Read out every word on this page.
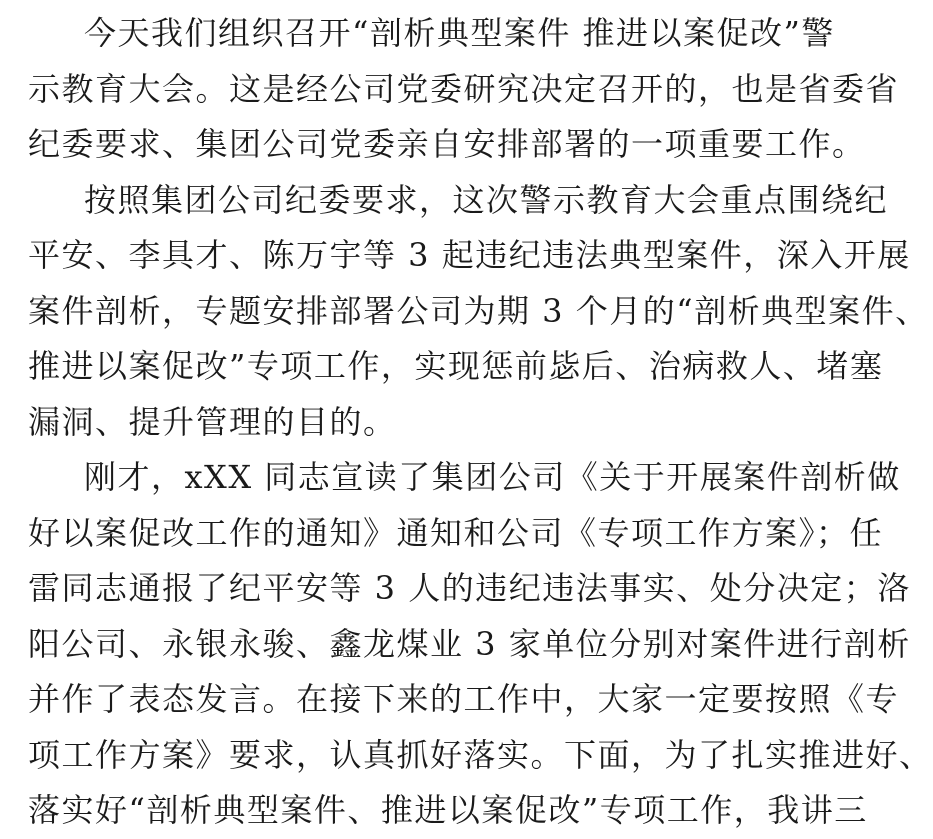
今天我们组织召开“剖析典型案件 推进以案促改”警
示教育大会。这是经公司党委研究决定召开的，也是省委省
纪委要求、集团公司党委亲自安排部署的一项重要工作。
按照集团公司纪委要求，这次警示教育大会重点围绕纪
平安、李具才、陈万宇等 3 起违纪违法典型案件，深入开展
案件剖析，专题安排部署公司为期 3 个月的“剖析典型案件、
推进以案促改”专项工作，实现惩前毖后、治病救人、堵塞
漏洞、提升管理的目的。
刚才，xXX 同志宣读了集团公司《关于开展案件剖析做
好以案促改工作的通知》通知和公司《专项工作方案》；任
雷同志通报了纪平安等 3 人的违纪违法事实、处分决定；洛
阳公司、永银永骏、鑫龙煤业 3 家单位分别对案件进行剖析
并作了表态发言。在接下来的工作中，大家一定要按照《专
项工作方案》要求，认真抓好落实。下面，为了扎实推进好、
落实好“剖析典型案件、推进以案促改”专项工作，我讲三
